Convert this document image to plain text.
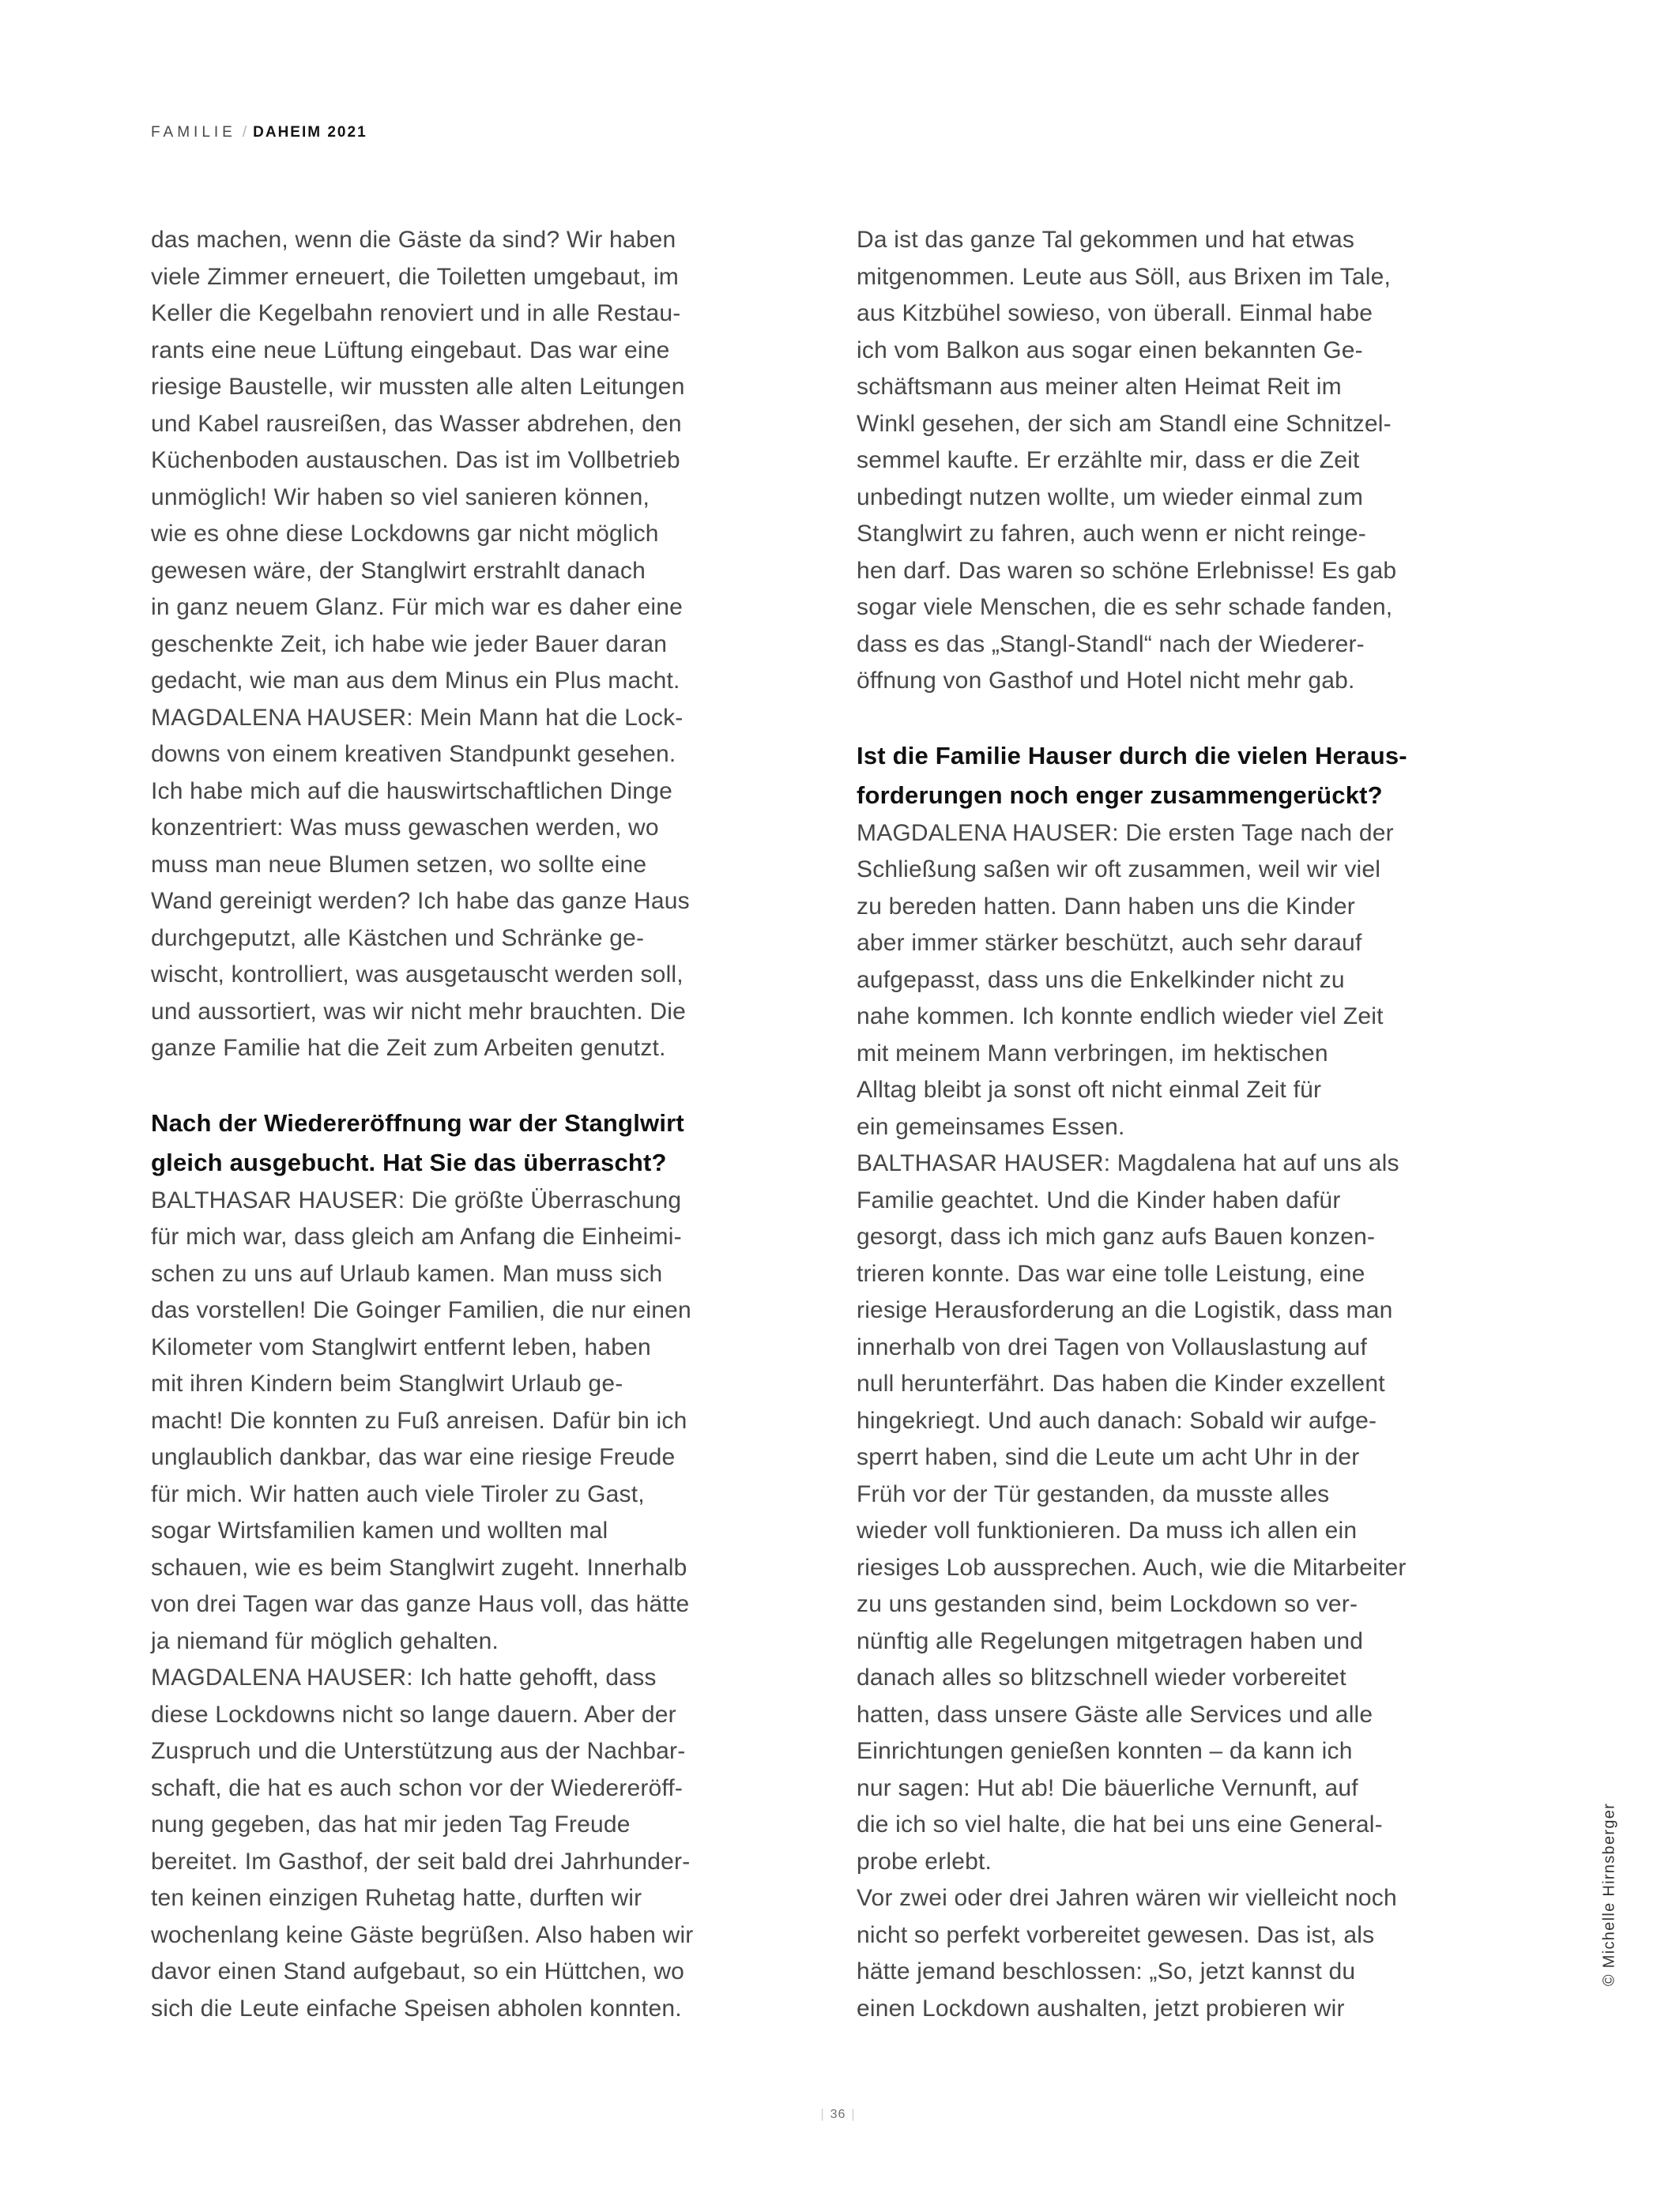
FAMILIE / DAHEIM 2021
das machen, wenn die Gäste da sind? Wir haben
viele Zimmer erneuert, die Toiletten umgebaut, im
Keller die Kegelbahn renoviert und in alle Restau-
rants eine neue Lüftung eingebaut. Das war eine
riesige Baustelle, wir mussten alle alten Leitungen
und Kabel rausreißen, das Wasser abdrehen, den
Küchenboden austauschen. Das ist im Vollbetrieb
unmöglich! Wir haben so viel sanieren können,
wie es ohne diese Lockdowns gar nicht möglich
gewesen wäre, der Stanglwirt erstrahlt danach
in ganz neuem Glanz. Für mich war es daher eine
geschenkte Zeit, ich habe wie jeder Bauer daran
gedacht, wie man aus dem Minus ein Plus macht.
MAGDALENA HAUSER: Mein Mann hat die Lock-
downs von einem kreativen Standpunkt gesehen.
Ich habe mich auf die hauswirtschaftlichen Dinge
konzentriert: Was muss gewaschen werden, wo
muss man neue Blumen setzen, wo sollte eine
Wand gereinigt werden? Ich habe das ganze Haus
durchgeputzt, alle Kästchen und Schränke ge-
wischt, kontrolliert, was ausgetauscht werden soll,
und aussortiert, was wir nicht mehr brauchten. Die
ganze Familie hat die Zeit zum Arbeiten genutzt.
Nach der Wiedereröffnung war der Stanglwirt
gleich ausgebucht. Hat Sie das überrascht?
BALTHASAR HAUSER: Die größte Überraschung
für mich war, dass gleich am Anfang die Einheimi-
schen zu uns auf Urlaub kamen. Man muss sich
das vorstellen! Die Goinger Familien, die nur einen
Kilometer vom Stanglwirt entfernt leben, haben
mit ihren Kindern beim Stanglwirt Urlaub ge-
macht! Die konnten zu Fuß anreisen. Dafür bin ich
unglaublich dankbar, das war eine riesige Freude
für mich. Wir hatten auch viele Tiroler zu Gast,
sogar Wirtsfamilien kamen und wollten mal
schauen, wie es beim Stanglwirt zugeht. Innerhalb
von drei Tagen war das ganze Haus voll, das hätte
ja niemand für möglich gehalten.
MAGDALENA HAUSER: Ich hatte gehofft, dass
diese Lockdowns nicht so lange dauern. Aber der
Zuspruch und die Unterstützung aus der Nachbar-
schaft, die hat es auch schon vor der Wiedereröff-
nung gegeben, das hat mir jeden Tag Freude
bereitet. Im Gasthof, der seit bald drei Jahrhunder-
ten keinen einzigen Ruhetag hatte, durften wir
wochenlang keine Gäste begrüßen. Also haben wir
davor einen Stand aufgebaut, so ein Hüttchen, wo
sich die Leute einfache Speisen abholen konnten.
Da ist das ganze Tal gekommen und hat etwas
mitgenommen. Leute aus Söll, aus Brixen im Tale,
aus Kitzbühel sowieso, von überall. Einmal habe
ich vom Balkon aus sogar einen bekannten Ge-
schäftsmann aus meiner alten Heimat Reit im
Winkl gesehen, der sich am Standl eine Schnitzel-
semmel kaufte. Er erzählte mir, dass er die Zeit
unbedingt nutzen wollte, um wieder einmal zum
Stanglwirt zu fahren, auch wenn er nicht reinge-
hen darf. Das waren so schöne Erlebnisse! Es gab
sogar viele Menschen, die es sehr schade fanden,
dass es das „Stangl-Standl“ nach der Wiederer-
öffnung von Gasthof und Hotel nicht mehr gab.
Ist die Familie Hauser durch die vielen Heraus-
forderungen noch enger zusammengerückt?
MAGDALENA HAUSER: Die ersten Tage nach der
Schließung saßen wir oft zusammen, weil wir viel
zu bereden hatten. Dann haben uns die Kinder
aber immer stärker beschützt, auch sehr darauf
aufgepasst, dass uns die Enkelkinder nicht zu
nahe kommen. Ich konnte endlich wieder viel Zeit
mit meinem Mann verbringen, im hektischen
Alltag bleibt ja sonst oft nicht einmal Zeit für
ein gemeinsames Essen.
BALTHASAR HAUSER: Magdalena hat auf uns als
Familie geachtet. Und die Kinder haben dafür
gesorgt, dass ich mich ganz aufs Bauen konzen-
trieren konnte. Das war eine tolle Leistung, eine
riesige Herausforderung an die Logistik, dass man
innerhalb von drei Tagen von Vollauslastung auf
null herunterfährt. Das haben die Kinder exzellent
hingekriegt. Und auch danach: Sobald wir aufge-
sperrt haben, sind die Leute um acht Uhr in der
Früh vor der Tür gestanden, da musste alles
wieder voll funktionieren. Da muss ich allen ein
riesiges Lob aussprechen. Auch, wie die Mitarbeiter
zu uns gestanden sind, beim Lockdown so ver-
nünftig alle Regelungen mitgetragen haben und
danach alles so blitzschnell wieder vorbereitet
hatten, dass unsere Gäste alle Services und alle
Einrichtungen genießen konnten – da kann ich
nur sagen: Hut ab! Die bäuerliche Vernunft, auf
die ich so viel halte, die hat bei uns eine General-
probe erlebt.
Vor zwei oder drei Jahren wären wir vielleicht noch
nicht so perfekt vorbereitet gewesen. Das ist, als
hätte jemand beschlossen: „So, jetzt kannst du
einen Lockdown aushalten, jetzt probieren wir
© Michelle Hirnsberger
| 36 |
